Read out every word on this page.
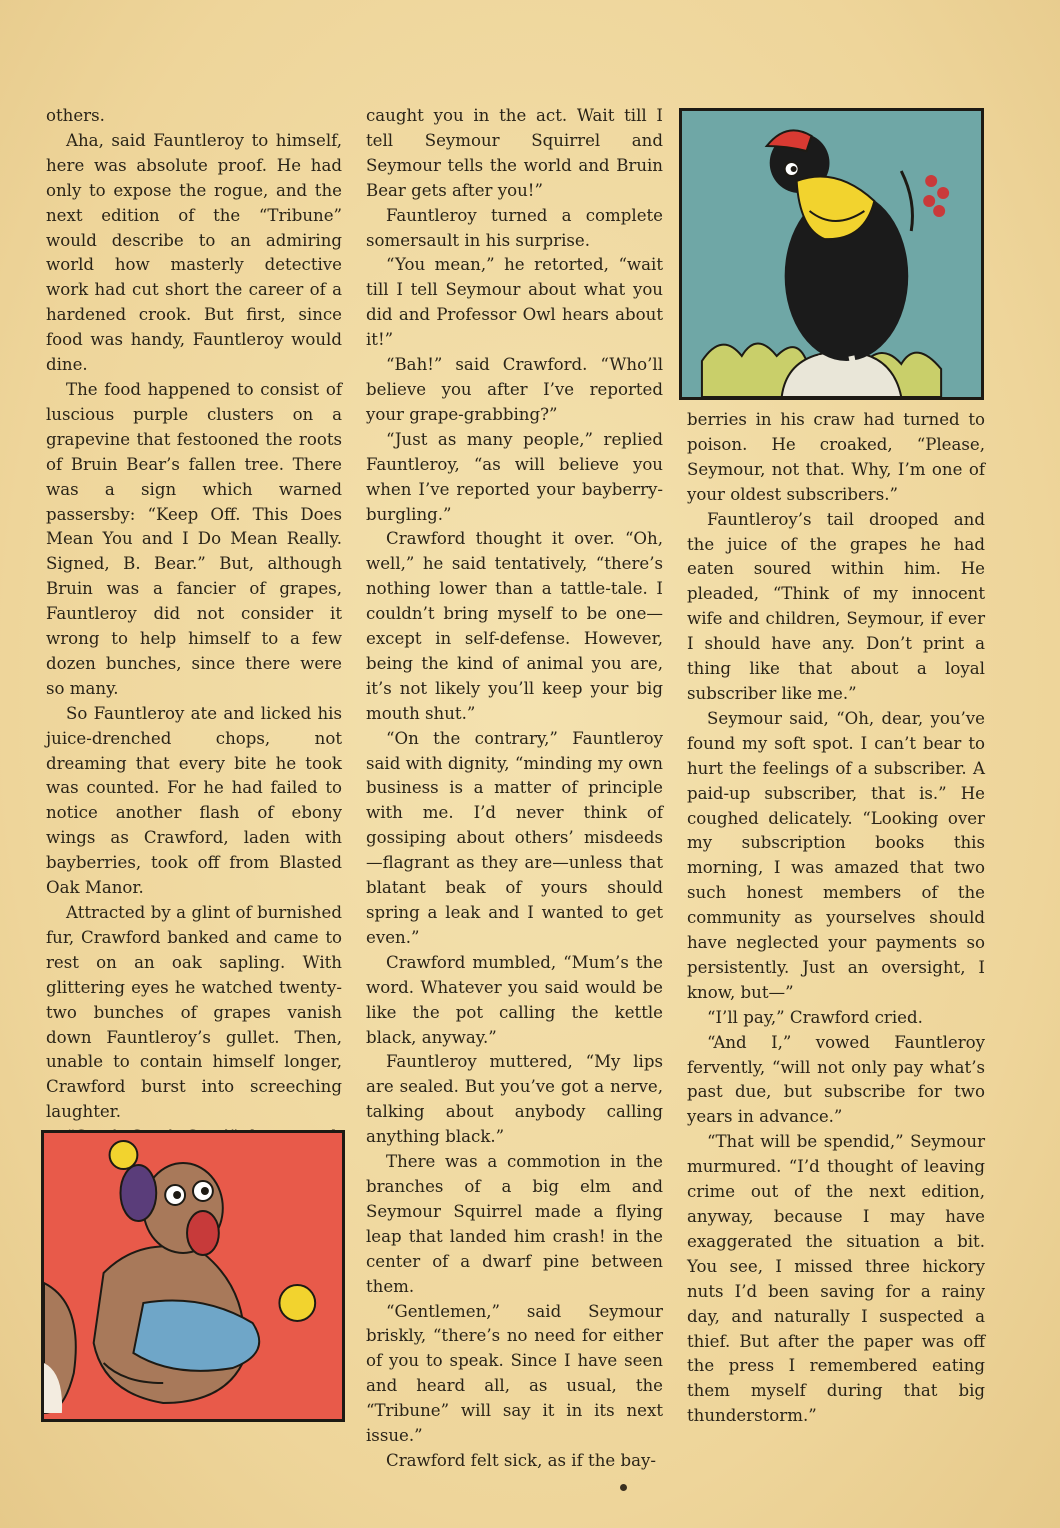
others.

Aha, said Fauntleroy to himself, here was absolute proof. He had only to expose the rogue, and the next edition of the “Tribune” would describe to an admiring world how masterly detective work had cut short the career of a hardened crook. But first, since food was handy, Fauntleroy would dine.

The food happened to consist of luscious purple clusters on a grapevine that festooned the roots of Bruin Bear’s fallen tree. There was a sign which warned passersby: “Keep Off. This Does Mean You and I Do Mean Really. Signed, B. Bear.” But, although Bruin was a fancier of grapes, Fauntleroy did not consider it wrong to help himself to a few dozen bunches, since there were so many.

So Fauntleroy ate and licked his juice-drenched chops, not dreaming that every bite he took was counted. For he had failed to notice another flash of ebony wings as Crawford, laden with bayberries, took off from Blasted Oak Manor.

Attracted by a glint of burnished fur, Crawford banked and came to rest on an oak sapling. With glittering eyes he watched twenty-two bunches of grapes vanish down Fauntleroy’s gullet. Then, unable to contain himself longer, Crawford burst into screeching laughter.

caught you in the act. Wait till I tell Seymour Squirrel and Seymour tells the world and Bruin Bear gets after you!”

Fauntleroy turned a complete somersault in his surprise.

“You mean,” he retorted, “wait till I tell Seymour about what you did and Professor Owl hears about it!”

“Bah!” said Crawford. “Who’ll believe you after I’ve reported your grape-grabbing?”

“Just as many people,” replied Fauntleroy, “as will believe you when I’ve reported your bayberry-burgling.”

Crawford thought it over. “Oh, well,” he said tentatively, “there’s nothing lower than a tattle-tale. I couldn’t bring myself to be one—except in self-defense. However, being the kind of animal you are, it’s not likely you’ll keep your big mouth shut.”

“On the contrary,” Fauntleroy said with dignity, “minding my own business is a matter of principle with me. I’d never think of gossiping about others’ misdeeds—flagrant as they are—unless that blatant beak of yours should spring a leak and I wanted to get even.”

Crawford mumbled, “Mum’s the word. Whatever you said would be like the pot calling the kettle black, anyway.”

Fauntleroy muttered, “My lips are sealed. But you’ve got a nerve, talking about anybody calling anything black.”

There was a commotion in the branches of a big elm and Seymour Squirrel made a flying leap that landed him crash! in the center of a dwarf pine between them.

“Gentlemen,” said Seymour briskly, “there’s no need for either of you to speak. Since I have seen and heard all, as usual, the “Tribune” will say it in its next issue.”

Crawford felt sick, as if the bay-

berries in his craw had turned to poison. He croaked, “Please, Seymour, not that. Why, I’m one of your oldest subscribers.”

Fauntleroy’s tail drooped and the juice of the grapes he had eaten soured within him. He pleaded, “Think of my innocent wife and children, Seymour, if ever I should have any. Don’t print a thing like that about a loyal subscriber like me.”

Seymour said, “Oh, dear, you’ve found my soft spot. I can’t bear to hurt the feelings of a subscriber. A paid-up subscriber, that is.” He coughed delicately. “Looking over my subscription books this morning, I was amazed that two such honest members of the community as yourselves should have neglected your payments so persistently. Just an oversight, I know, but—”

“I’ll pay,” Crawford cried.

“And I,” vowed Fauntleroy fervently, “will not only pay what’s past due, but subscribe for two years in advance.”

“That will be spendid,” Seymour murmured. “I’d thought of leaving crime out of the next edition, anyway, because I may have exaggerated the situation a bit. You see, I missed three hickory nuts I’d been saving for a rainy day, and naturally I suspected a thief. But after the paper was off the press I remembered eating them myself during that big thunderstorm.”
